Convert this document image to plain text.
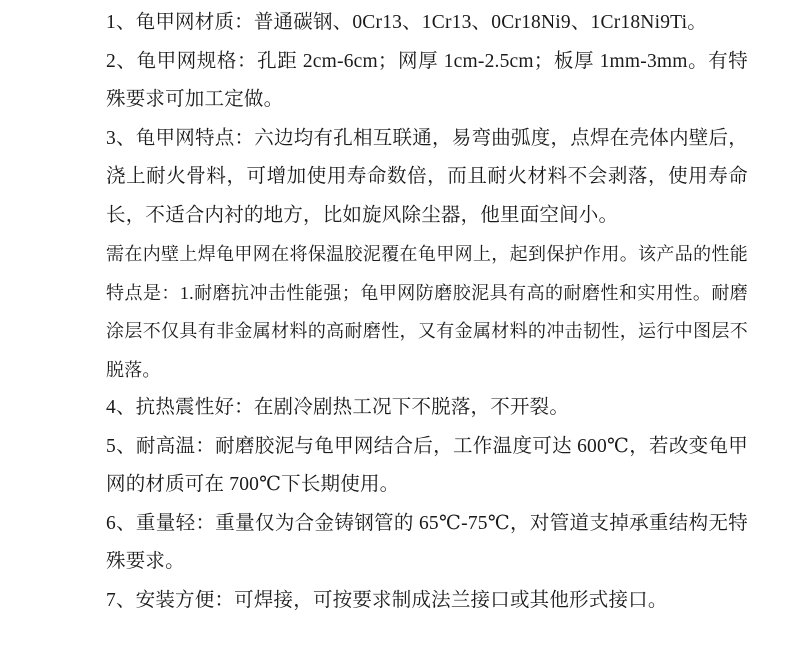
1、龟甲网材质：普通碳钢、0Cr13、1Cr13、0Cr18Ni9、1Cr18Ni9Ti。

2、龟甲网规格：孔距 2cm-6cm；网厚 1cm-2.5cm；板厚 1mm-3mm。有特殊要求可加工定做。

3、龟甲网特点：六边均有孔相互联通，易弯曲弧度，点焊在壳体内壁后，浇上耐火骨料，可增加使用寿命数倍，而且耐火材料不会剥落，使用寿命长，不适合内衬的地方，比如旋风除尘器，他里面空间小。

需在内壁上焊龟甲网在将保温胶泥覆在龟甲网上，起到保护作用。该产品的性能特点是：1.耐磨抗冲击性能强；龟甲网防磨胶泥具有高的耐磨性和实用性。耐磨涂层不仅具有非金属材料的高耐磨性，又有金属材料的冲击韧性，运行中图层不脱落。

4、抗热震性好：在剧冷剧热工况下不脱落，不开裂。

5、耐高温：耐磨胶泥与龟甲网结合后，工作温度可达 600℃，若改变龟甲网的材质可在 700℃下长期使用。

6、重量轻：重量仅为合金铸钢管的 65℃-75℃，对管道支掉承重结构无特殊要求。

7、安装方便：可焊接，可按要求制成法兰接口或其他形式接口。
